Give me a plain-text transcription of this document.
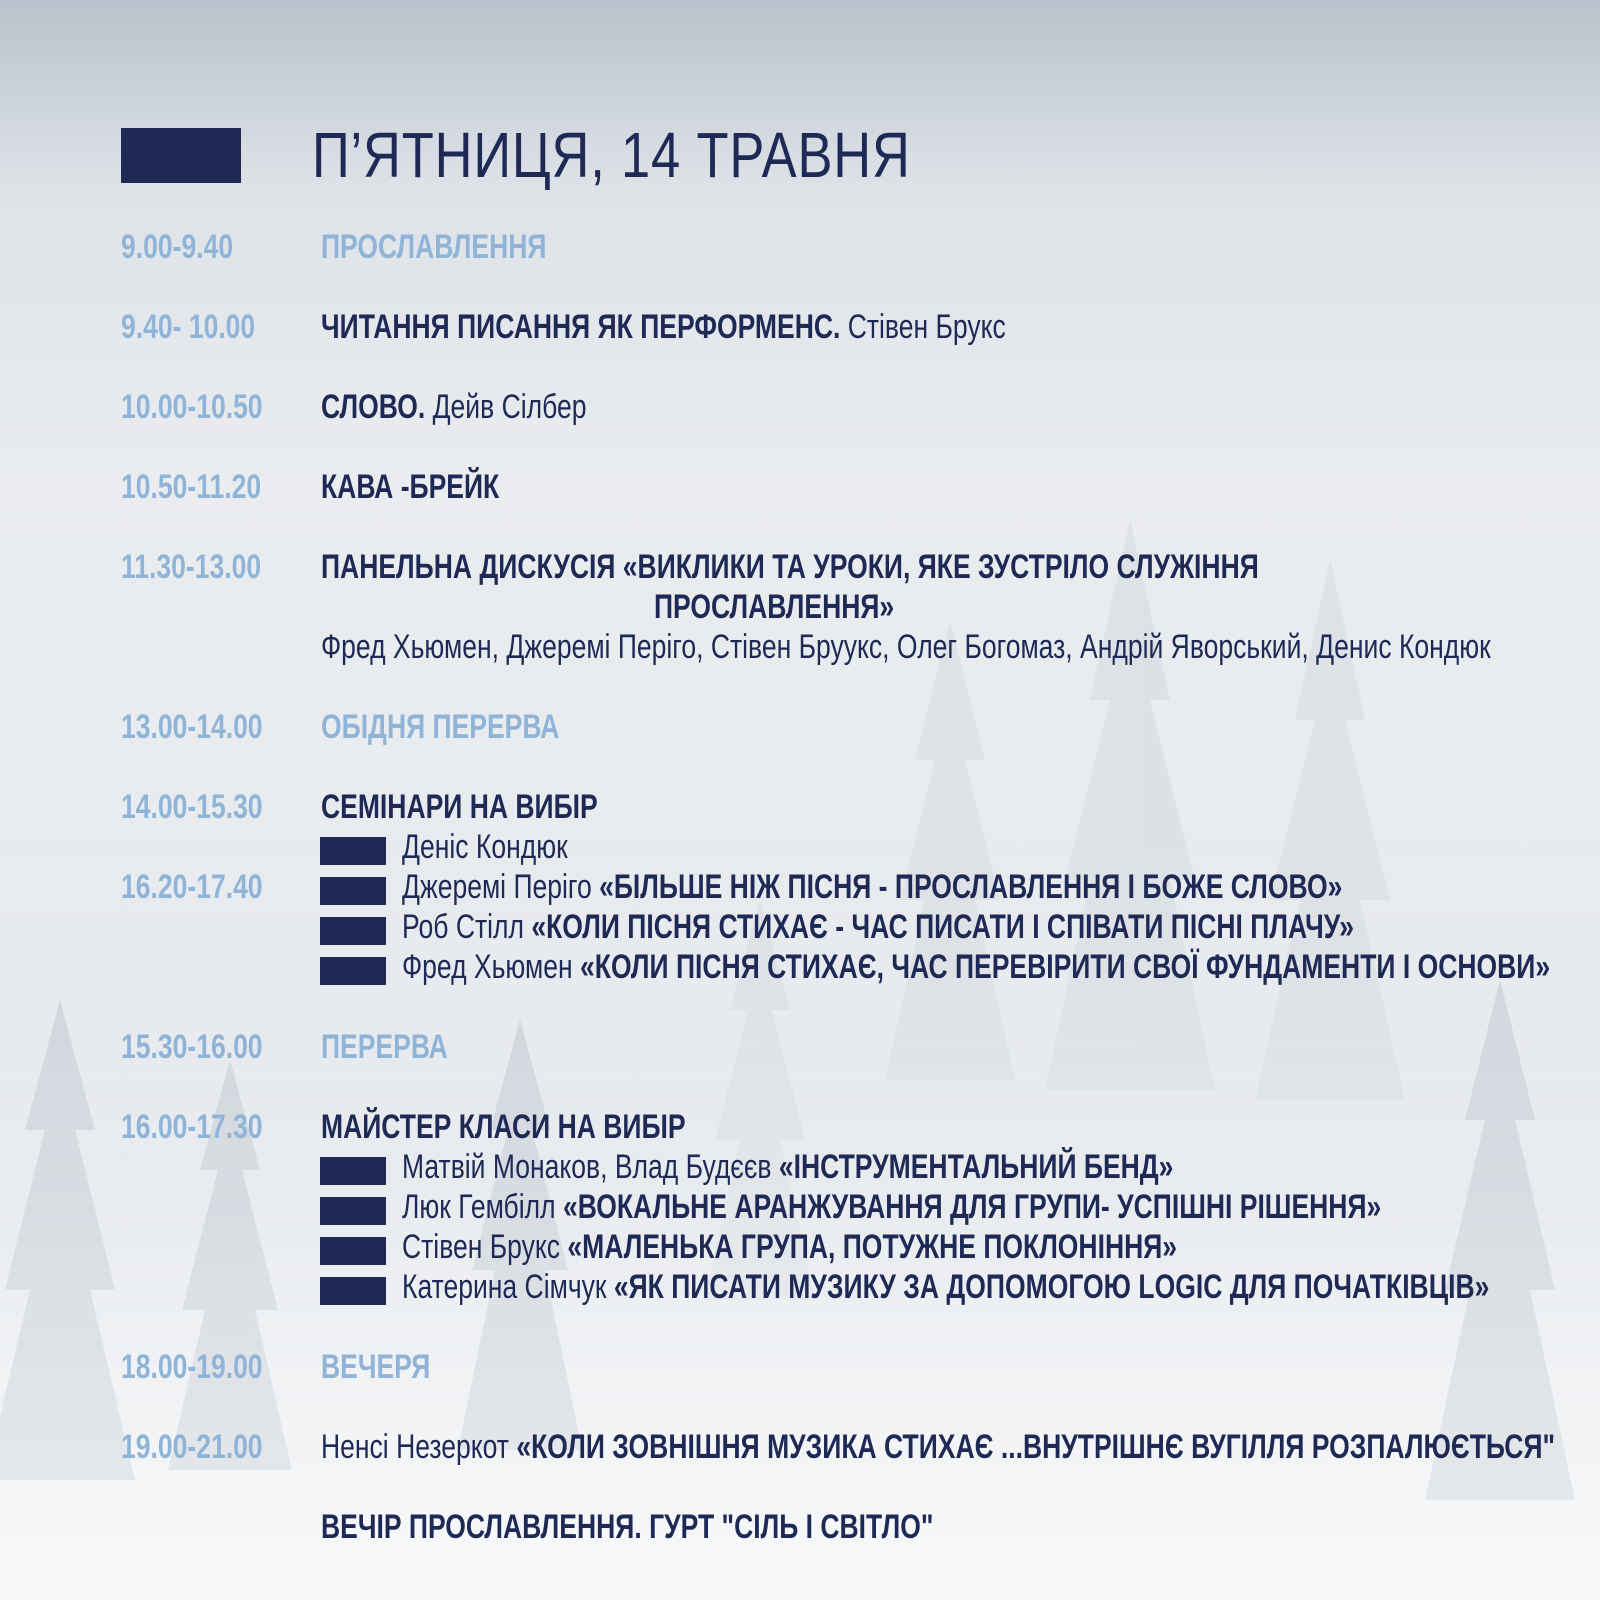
П’ЯТНИЦЯ, 14 ТРАВНЯ
9.00-9.40	ПРОСЛАВЛЕННЯ
9.40- 10.00 ЧИТАННЯ ПИСАННЯ ЯК ПЕРФОРМЕНС. Стівен Брукс
10.00-10.50 СЛОВО. Дейв Сілбер
10.50-11.20 КАВА -БРЕЙК
11.30-13.00 ПАНЕЛЬНА ДИСКУСІЯ «ВИКЛИКИ ТА УРОКИ, ЯКЕ ЗУСТРІЛО СЛУЖІННЯ
ПРОСЛАВЛЕННЯ»
Фред Хьюмен, Джеремі Періго, Стівен Бруукс, Олег Богомаз, Андрій Яворський, Денис Кондюк
13.00-14.00 ОБІДНЯ ПЕРЕРВА
14.00-15.30 СЕМІНАРИ НА ВИБІР
16.20-17.40
Деніс Кондюк
Джеремі Періго «БІЛЬШЕ НІЖ ПІСНЯ - ПРОСЛАВЛЕННЯ І БОЖЕ СЛОВО»
Роб Стілл «КОЛИ ПІСНЯ СТИХАЄ - ЧАС ПИСАТИ І СПІВАТИ ПІСНІ ПЛАЧУ»
Фред Хьюмен «КОЛИ ПІСНЯ СТИХАЄ, ЧАС ПЕРЕВІРИТИ СВОЇ ФУНДАМЕНТИ І ОСНОВИ»
15.30-16.00 ПЕРЕРВА
16.00-17.30 МАЙСТЕР КЛАСИ НА ВИБІР
Матвій Монаков, Влад Будєєв «ІНСТРУМЕНТАЛЬНИЙ БЕНД»
Люк Гембілл «ВОКАЛЬНЕ АРАНЖУВАННЯ ДЛЯ ГРУПИ- УСПІШНІ РІШЕННЯ»
Стівен Брукс «МАЛЕНЬКА ГРУПА, ПОТУЖНЕ ПОКЛОНІННЯ»
Катерина Сімчук «ЯК ПИСАТИ МУЗИКУ ЗА ДОПОМОГОЮ LOGIC ДЛЯ ПОЧАТКІВЦІВ»
18.00-19.00 ВЕЧЕРЯ
19.00-21.00 Ненсі Незеркот «КОЛИ ЗОВНІШНЯ МУЗИКА СТИХАЄ ...ВНУТРІШНЄ ВУГІЛЛЯ РОЗПАЛЮЄТЬСЯ"
ВЕЧІР ПРОСЛАВЛЕННЯ. ГУРТ "СІЛЬ І СВІТЛО"
